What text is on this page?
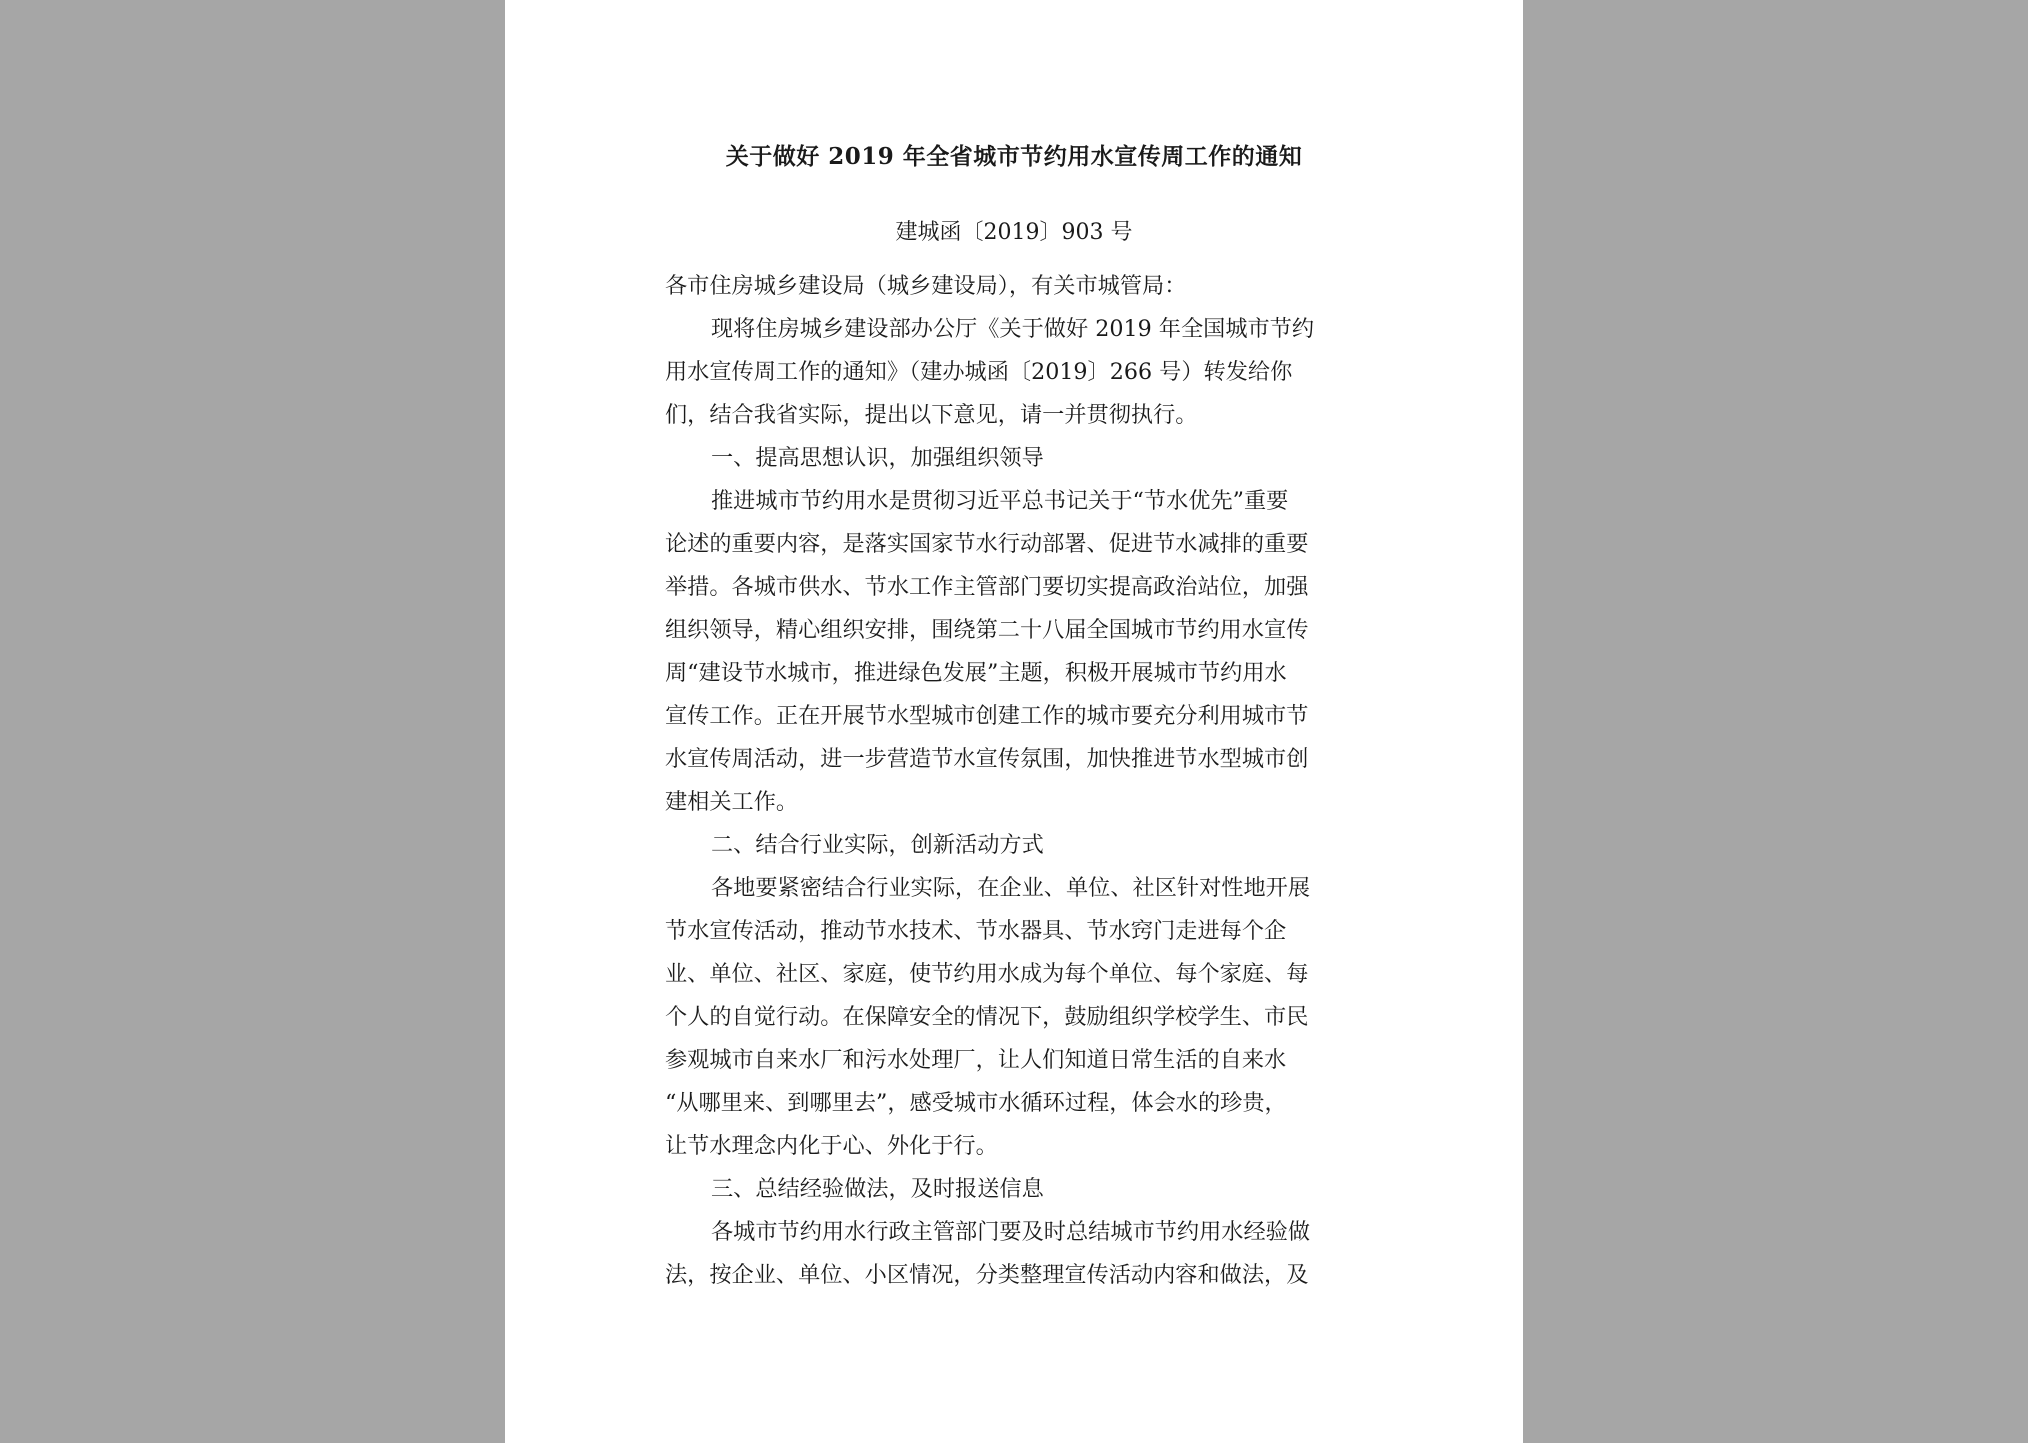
关于做好 2019 年全省城市节约用水宣传周工作的通知
建城函〔2019〕903 号
各市住房城乡建设局（城乡建设局），有关市城管局：
现将住房城乡建设部办公厅《关于做好 2019 年全国城市节约
用水宣传周工作的通知》（建办城函〔2019〕266 号）转发给你
们，结合我省实际，提出以下意见，请一并贯彻执行。
一、提高思想认识，加强组织领导
推进城市节约用水是贯彻习近平总书记关于“节水优先”重要
论述的重要内容，是落实国家节水行动部署、促进节水减排的重要
举措。各城市供水、节水工作主管部门要切实提高政治站位，加强
组织领导，精心组织安排，围绕第二十八届全国城市节约用水宣传
周“建设节水城市，推进绿色发展”主题，积极开展城市节约用水
宣传工作。正在开展节水型城市创建工作的城市要充分利用城市节
水宣传周活动，进一步营造节水宣传氛围，加快推进节水型城市创
建相关工作。
二、结合行业实际，创新活动方式
各地要紧密结合行业实际，在企业、单位、社区针对性地开展
节水宣传活动，推动节水技术、节水器具、节水窍门走进每个企
业、单位、社区、家庭，使节约用水成为每个单位、每个家庭、每
个人的自觉行动。在保障安全的情况下，鼓励组织学校学生、市民
参观城市自来水厂和污水处理厂，让人们知道日常生活的自来水
“从哪里来、到哪里去”，感受城市水循环过程，体会水的珍贵，
让节水理念内化于心、外化于行。
三、总结经验做法，及时报送信息
各城市节约用水行政主管部门要及时总结城市节约用水经验做
法，按企业、单位、小区情况，分类整理宣传活动内容和做法，及
